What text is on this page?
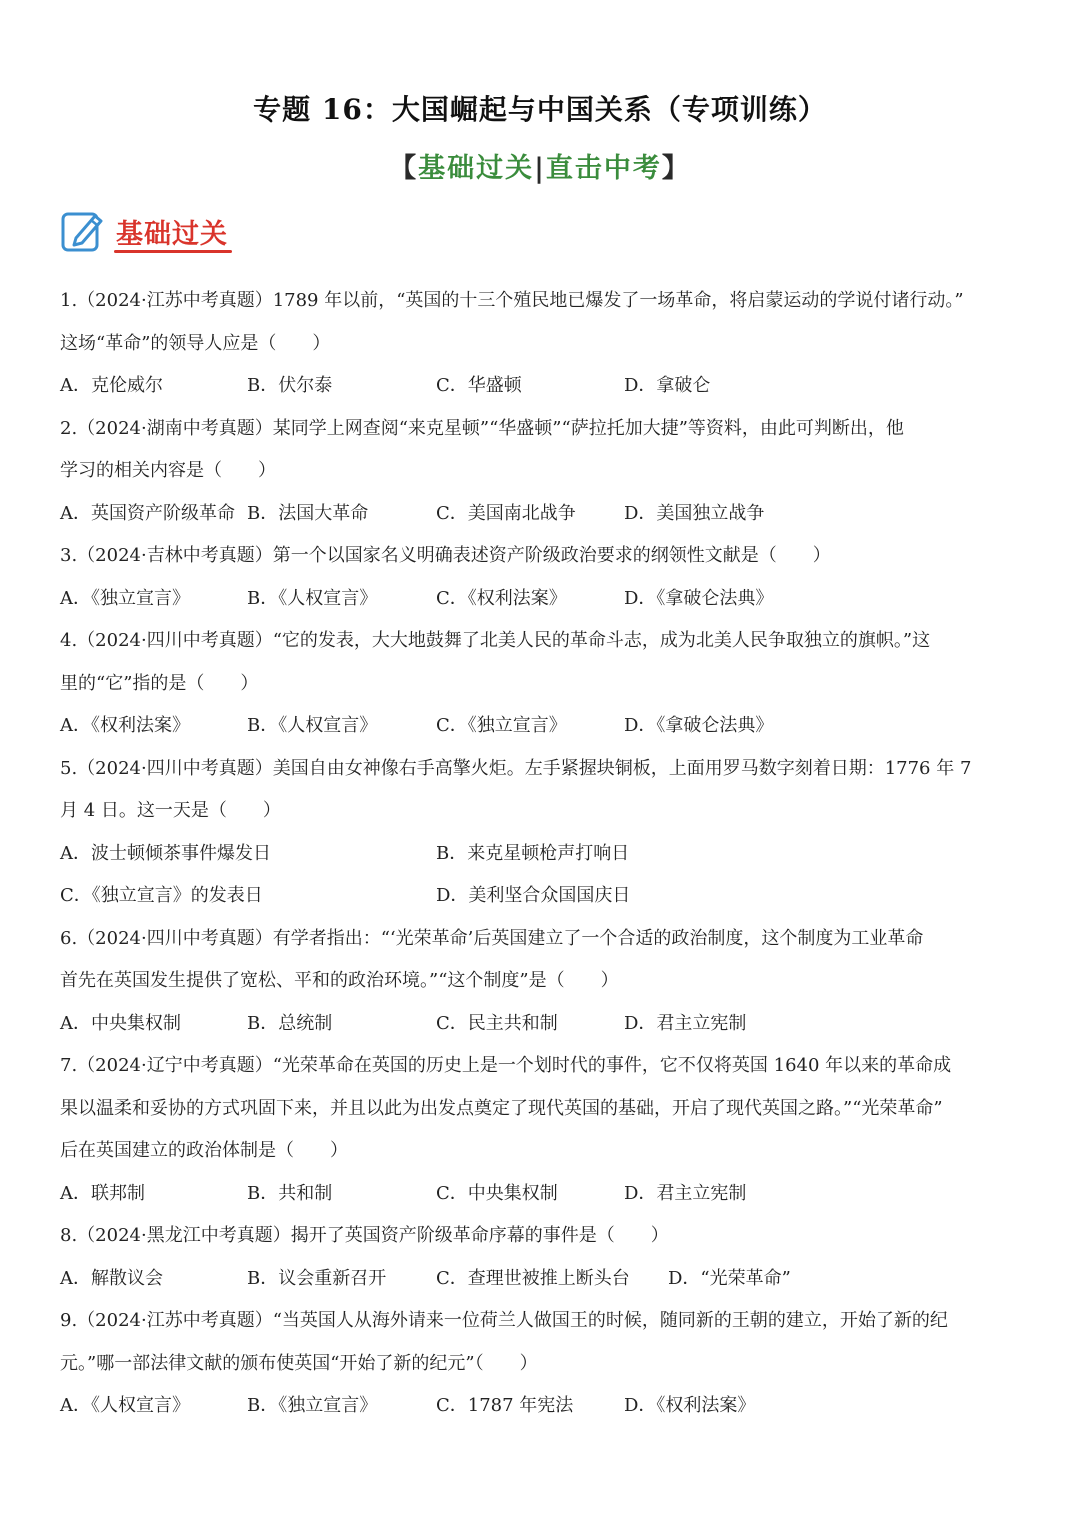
专题 16：大国崛起与中国关系（专项训练）
【基础过关|直击中考】
基础过关
1.（2024·江苏中考真题）1789 年以前，“英国的十三个殖民地已爆发了一场革命，将启蒙运动的学说付诸行动。”
这场“革命”的领导人应是（　　）
A．克伦威尔	B．伏尔泰	C．华盛顿	D．拿破仑
2.（2024·湖南中考真题）某同学上网查阅“来克星顿”“华盛顿”“萨拉托加大捷”等资料，由此可判断出，他
学习的相关内容是（　　）
A．英国资产阶级革命 B．法国大革命	C．美国南北战争	D．美国独立战争
3.（2024·吉林中考真题）第一个以国家名义明确表述资产阶级政治要求的纲领性文献是（　　）
A．《独立宣言》	B．《人权宣言》	C．《权利法案》	D．《拿破仑法典》
4.（2024·四川中考真题）“它的发表，大大地鼓舞了北美人民的革命斗志，成为北美人民争取独立的旗帜。”这
里的“它”指的是（　　）
A．《权利法案》	B．《人权宣言》	C．《独立宣言》	D．《拿破仑法典》
5.（2024·四川中考真题）美国自由女神像右手高擎火炬。左手紧握块铜板，上面用罗马数字刻着日期：1776 年 7
月 4 日。这一天是（　　）
A．波士顿倾茶事件爆发日	B．来克星顿枪声打响日
C．《独立宣言》的发表日	D．美利坚合众国国庆日
6.（2024·四川中考真题）有学者指出：“‘光荣革命’后英国建立了一个合适的政治制度，这个制度为工业革命
首先在英国发生提供了宽松、平和的政治环境。”“这个制度”是（　　）
A．中央集权制	B．总统制	C．民主共和制	D．君主立宪制
7.（2024·辽宁中考真题）“光荣革命在英国的历史上是一个划时代的事件，它不仅将英国 1640 年以来的革命成
果以温柔和妥协的方式巩固下来，并且以此为出发点奠定了现代英国的基础，开启了现代英国之路。”“光荣革命”
后在英国建立的政治体制是（　　）
A．联邦制	B．共和制	C．中央集权制	D．君主立宪制
8.（2024·黑龙江中考真题）揭开了英国资产阶级革命序幕的事件是（　　）
A．解散议会	B．议会重新召开	C．查理世被推上断头台 D．“光荣革命”
9.（2024·江苏中考真题）“当英国人从海外请来一位荷兰人做国王的时候，随同新的王朝的建立，开始了新的纪
元。”哪一部法律文献的颁布使英国“开始了新的纪元”（　　）
A．《人权宣言》	B．《独立宣言》	C．1787 年宪法	D．《权利法案》
